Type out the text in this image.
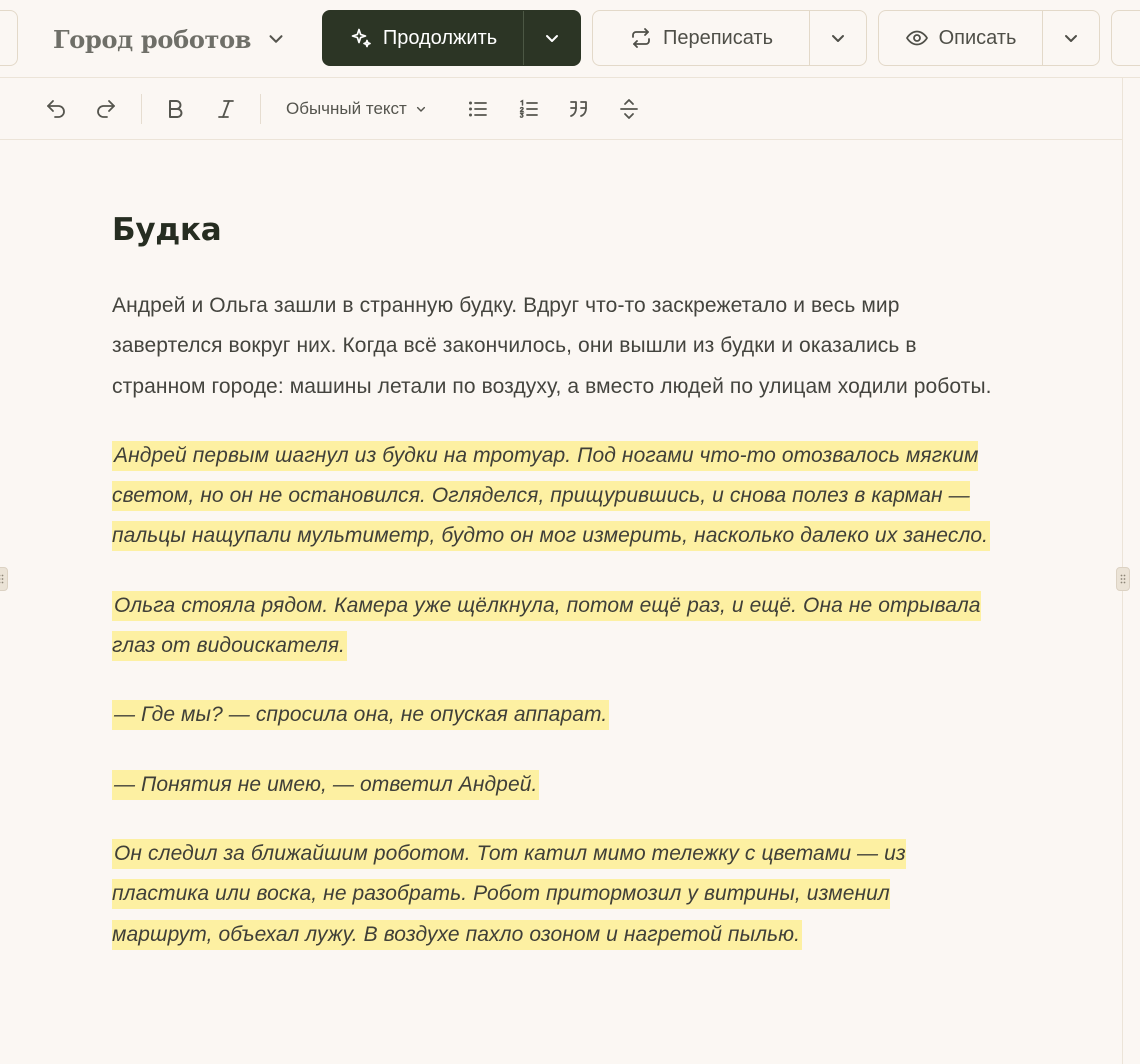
Город роботов	Продолжить	Переписать	Описать
Обычный текст
Будка

Андрей и Ольга зашли в странную будку. Вдруг что-то заскрежетало и весь мир завертелся вокруг них. Когда всё закончилось, они вышли из будки и оказались в странном городе: машины летали по воздуху, а вместо людей по улицам ходили роботы.

Андрей первым шагнул из будки на тротуар. Под ногами что-то отозвалось мягким светом, но он не остановился. Огляделся, прищурившись, и снова полез в карман — пальцы нащупали мультиметр, будто он мог измерить, насколько далеко их занесло.

Ольга стояла рядом. Камера уже щёлкнула, потом ещё раз, и ещё. Она не отрывала глаз от видоискателя.

— Где мы? — спросила она, не опуская аппарат.

— Понятия не имею, — ответил Андрей.

Он следил за ближайшим роботом. Тот катил мимо тележку с цветами — из пластика или воска, не разобрать. Робот притормозил у витрины, изменил маршрут, объехал лужу. В воздухе пахло озоном и нагретой пылью.
